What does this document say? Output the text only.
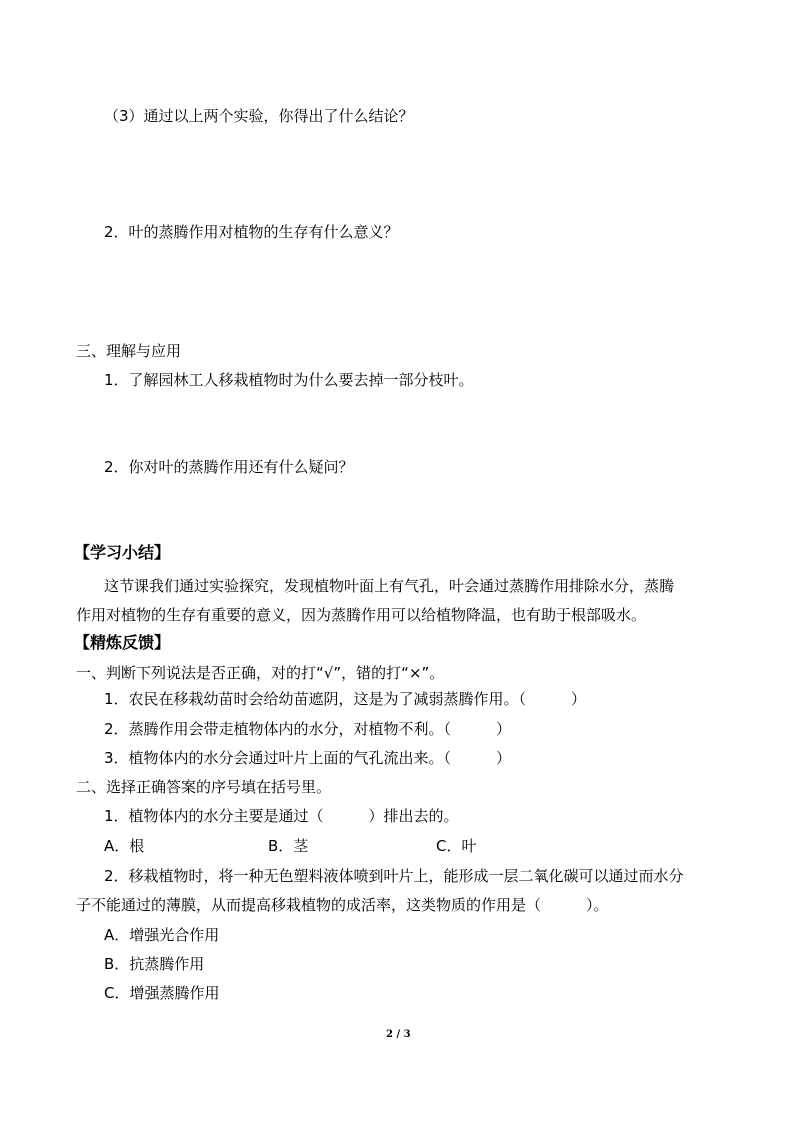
（3）通过以上两个实验，你得出了什么结论？
2．叶的蒸腾作用对植物的生存有什么意义？
三、理解与应用
1．了解园林工人移栽植物时为什么要去掉一部分枝叶。
2．你对叶的蒸腾作用还有什么疑问？
【学习小结】
这节课我们通过实验探究，发现植物叶面上有气孔，叶会通过蒸腾作用排除水分，蒸腾
作用对植物的生存有重要的意义，因为蒸腾作用可以给植物降温，也有助于根部吸水。
【精炼反馈】
一、判断下列说法是否正确，对的打“√”，错的打“×”。
1．农民在移栽幼苗时会给幼苗遮阴，这是为了减弱蒸腾作用。（　　　）
2．蒸腾作用会带走植物体内的水分，对植物不利。（　　　）
3．植物体内的水分会通过叶片上面的气孔流出来。（　　　）
二、选择正确答案的序号填在括号里。
1．植物体内的水分主要是通过（　　　）排出去的。
A．根	B．茎	C．叶
2．移栽植物时，将一种无色塑料液体喷到叶片上，能形成一层二氧化碳可以通过而水分
子不能通过的薄膜，从而提高移栽植物的成活率，这类物质的作用是（　　　）。
A．增强光合作用
B．抗蒸腾作用
C．增强蒸腾作用
2 / 3
